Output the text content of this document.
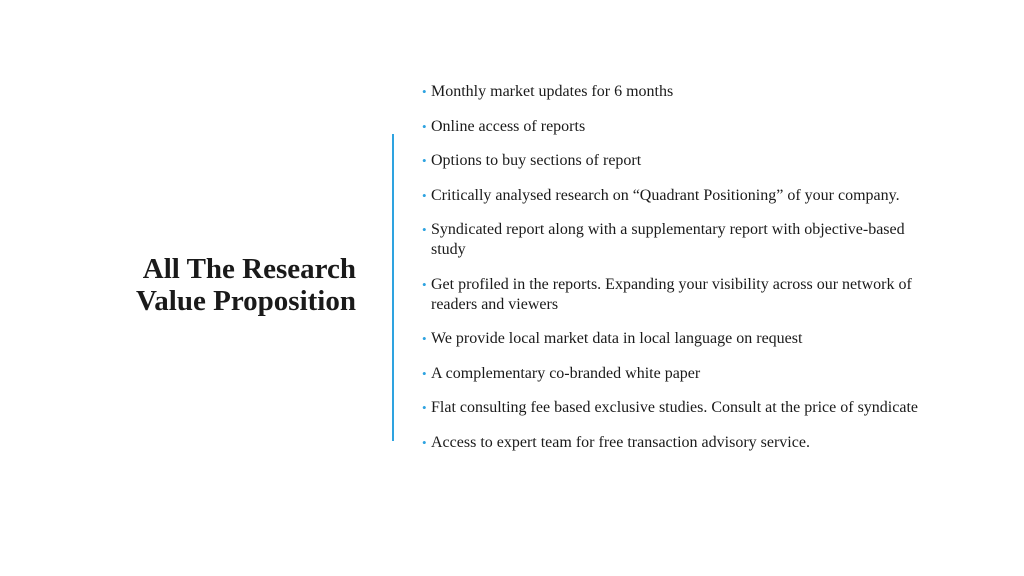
All The Research
Value Proposition
• Monthly market updates for 6 months
• Online access of reports
• Options to buy sections of report
• Critically analysed research on “Quadrant Positioning” of your company.
• Syndicated report along with a supplementary report with objective-based study
• Get profiled in the reports. Expanding your visibility across our network of readers and viewers
• We provide local market data in local language on request
• A complementary co-branded white paper
• Flat consulting fee based exclusive studies. Consult at the price of syndicate
• Access to expert team for free transaction advisory service.
